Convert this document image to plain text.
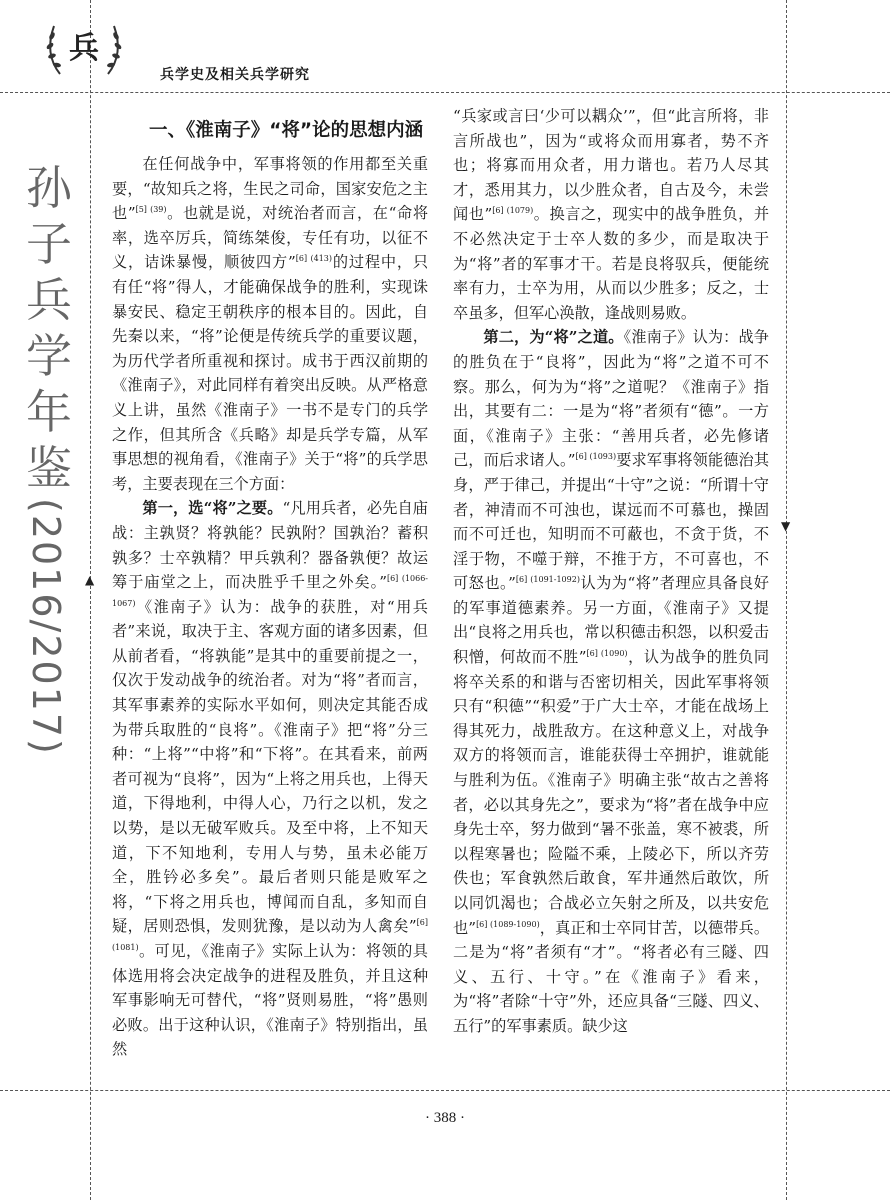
▲
▼
兵
兵学史及相关兵学研究
孙子兵学年鉴
(2016/2017)
一、《淮南子》“将”论的思想内涵

在任何战争中，军事将领的作用都至关重要，“故知兵之将，生民之司命，国家安危之主也”$^{[5] (39)}$。也就是说，对统治者而言，在“命将率，选卒厉兵，简练桀俊，专任有功，以征不义，诘诛暴慢，顺彼四方”$^{[6] (413)}$的过程中，只有任“将”得人，才能确保战争的胜利，实现诛暴安民、稳定王朝秩序的根本目的。因此，自先秦以来，“将”论便是传统兵学的重要议题，为历代学者所重视和探讨。成书于西汉前期的《淮南子》，对此同样有着突出反映。从严格意义上讲，虽然《淮南子》一书不是专门的兵学之作，但其所含《兵略》却是兵学专篇，从军事思想的视角看，《淮南子》关于“将”的兵学思考，主要表现在三个方面：

第一，选“将”之要。“凡用兵者，必先自庙战：主孰贤？将孰能？民孰附？国孰治？蓄积孰多？士卒孰精？甲兵孰利？器备孰便？故运筹于庙堂之上，而决胜乎千里之外矣。”$^{[6] (1066-1067)}$《淮南子》认为：战争的获胜，对“用兵者”来说，取决于主、客观方面的诸多因素，但从前者看，“将孰能”是其中的重要前提之一，仅次于发动战争的统治者。对为“将”者而言，其军事素养的实际水平如何，则决定其能否成为带兵取胜的“良将”。《淮南子》把“将”分三种：“上将”“中将”和“下将”。在其看来，前两者可视为“良将”，因为“上将之用兵也，上得天道，下得地利，中得人心，乃行之以机，发之以势，是以无破军败兵。及至中将，上不知天道，下不知地利，专用人与势，虽未必能万全，胜钤必多矣”。最后者则只能是败军之将，“下将之用兵也，博闻而自乱，多知而自疑，居则恐惧，发则犹豫，是以动为人禽矣”$^{[6] (1081)}$。可见，《淮南子》实际上认为：将领的具体选用将会决定战争的进程及胜负，并且这种军事影响无可替代，“将”贤则易胜，“将”愚则必败。出于这种认识，《淮南子》特别指出，虽然

“兵家或言曰‘少可以耦众’”，但“此言所将，非言所战也”，因为“或将众而用寡者，势不齐也；将寡而用众者，用力谐也。若乃人尽其才，悉用其力，以少胜众者，自古及今，未尝闻也”$^{[6] (1079)}$。换言之，现实中的战争胜负，并不必然决定于士卒人数的多少，而是取决于为“将”者的军事才干。若是良将驭兵，便能统率有力，士卒为用，从而以少胜多；反之，士卒虽多，但军心涣散，逢战则易败。

第二，为“将”之道。《淮南子》认为：战争的胜负在于“良将”，因此为“将”之道不可不察。那么，何为为“将”之道呢？《淮南子》指出，其要有二：一是为“将”者须有“德”。一方面，《淮南子》主张：“善用兵者，必先修诸己，而后求诸人。”$^{[6] (1093)}$要求军事将领能德治其身，严于律己，并提出“十守”之说：“所谓十守者，神清而不可浊也，谋远而不可慕也，操固而不可迁也，知明而不可蔽也，不贪于货，不淫于物，不噬于辩，不推于方，不可喜也，不可怒也。”$^{[6] (1091-1092)}$认为为“将”者理应具备良好的军事道德素养。另一方面，《淮南子》又提出“良将之用兵也，常以积德击积怨，以积爱击积憎，何故而不胜”$^{[6] (1090)}$，认为战争的胜负同将卒关系的和谐与否密切相关，因此军事将领只有“积德”“积爱”于广大士卒，才能在战场上得其死力，战胜敌方。在这种意义上，对战争双方的将领而言，谁能获得士卒拥护，谁就能与胜利为伍。《淮南子》明确主张“故古之善将者，必以其身先之”，要求为“将”者在战争中应身先士卒，努力做到“暑不张盖，寒不被裘，所以程寒暑也；险隘不乘，上陵必下，所以齐劳佚也；军食孰然后敢食，军井通然后敢饮，所以同饥渴也；合战必立矢射之所及，以共安危也”$^{[6] (1089-1090)}$，真正和士卒同甘苦，以德带兵。二是为“将”者须有“才”。“将者必有三隧、四义、五行、十守。”在《淮南子》看来，为“将”者除“十守”外，还应具备“三隧、四义、五行”的军事素质。缺少这

· 388 ·
